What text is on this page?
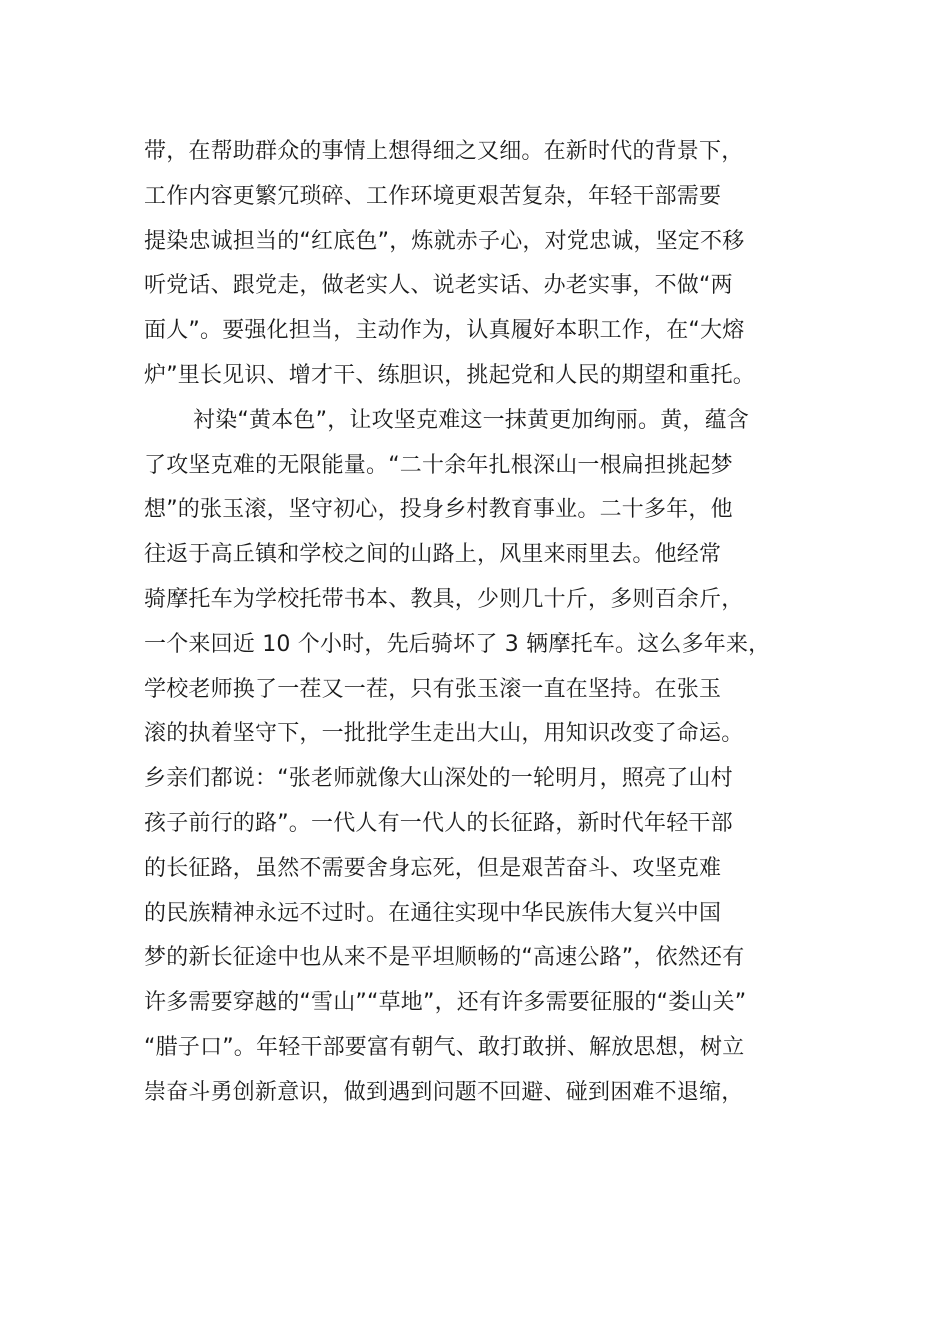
带，在帮助群众的事情上想得细之又细。在新时代的背景下，
工作内容更繁冗琐碎、工作环境更艰苦复杂，年轻干部需要
提染忠诚担当的“红底色”，炼就赤子心，对党忠诚，坚定不移
听党话、跟党走，做老实人、说老实话、办老实事，不做“两
面人”。要强化担当，主动作为，认真履好本职工作，在“大熔
炉”里长见识、增才干、练胆识，挑起党和人民的期望和重托。
衬染“黄本色”，让攻坚克难这一抹黄更加绚丽。黄，蕴含
了攻坚克难的无限能量。“二十余年扎根深山一根扁担挑起梦
想”的张玉滚，坚守初心，投身乡村教育事业。二十多年，他
往返于高丘镇和学校之间的山路上，风里来雨里去。他经常
骑摩托车为学校托带书本、教具，少则几十斤，多则百余斤，
一个来回近 10 个小时，先后骑坏了 3 辆摩托车。这么多年来，
学校老师换了一茬又一茬，只有张玉滚一直在坚持。在张玉
滚的执着坚守下，一批批学生走出大山，用知识改变了命运。
乡亲们都说：“张老师就像大山深处的一轮明月，照亮了山村
孩子前行的路”。一代人有一代人的长征路，新时代年轻干部
的长征路，虽然不需要舍身忘死，但是艰苦奋斗、攻坚克难
的民族精神永远不过时。在通往实现中华民族伟大复兴中国
梦的新长征途中也从来不是平坦顺畅的“高速公路”，依然还有
许多需要穿越的“雪山”“草地”，还有许多需要征服的“娄山关”
“腊子口”。年轻干部要富有朝气、敢打敢拼、解放思想，树立
崇奋斗勇创新意识，做到遇到问题不回避、碰到困难不退缩，
